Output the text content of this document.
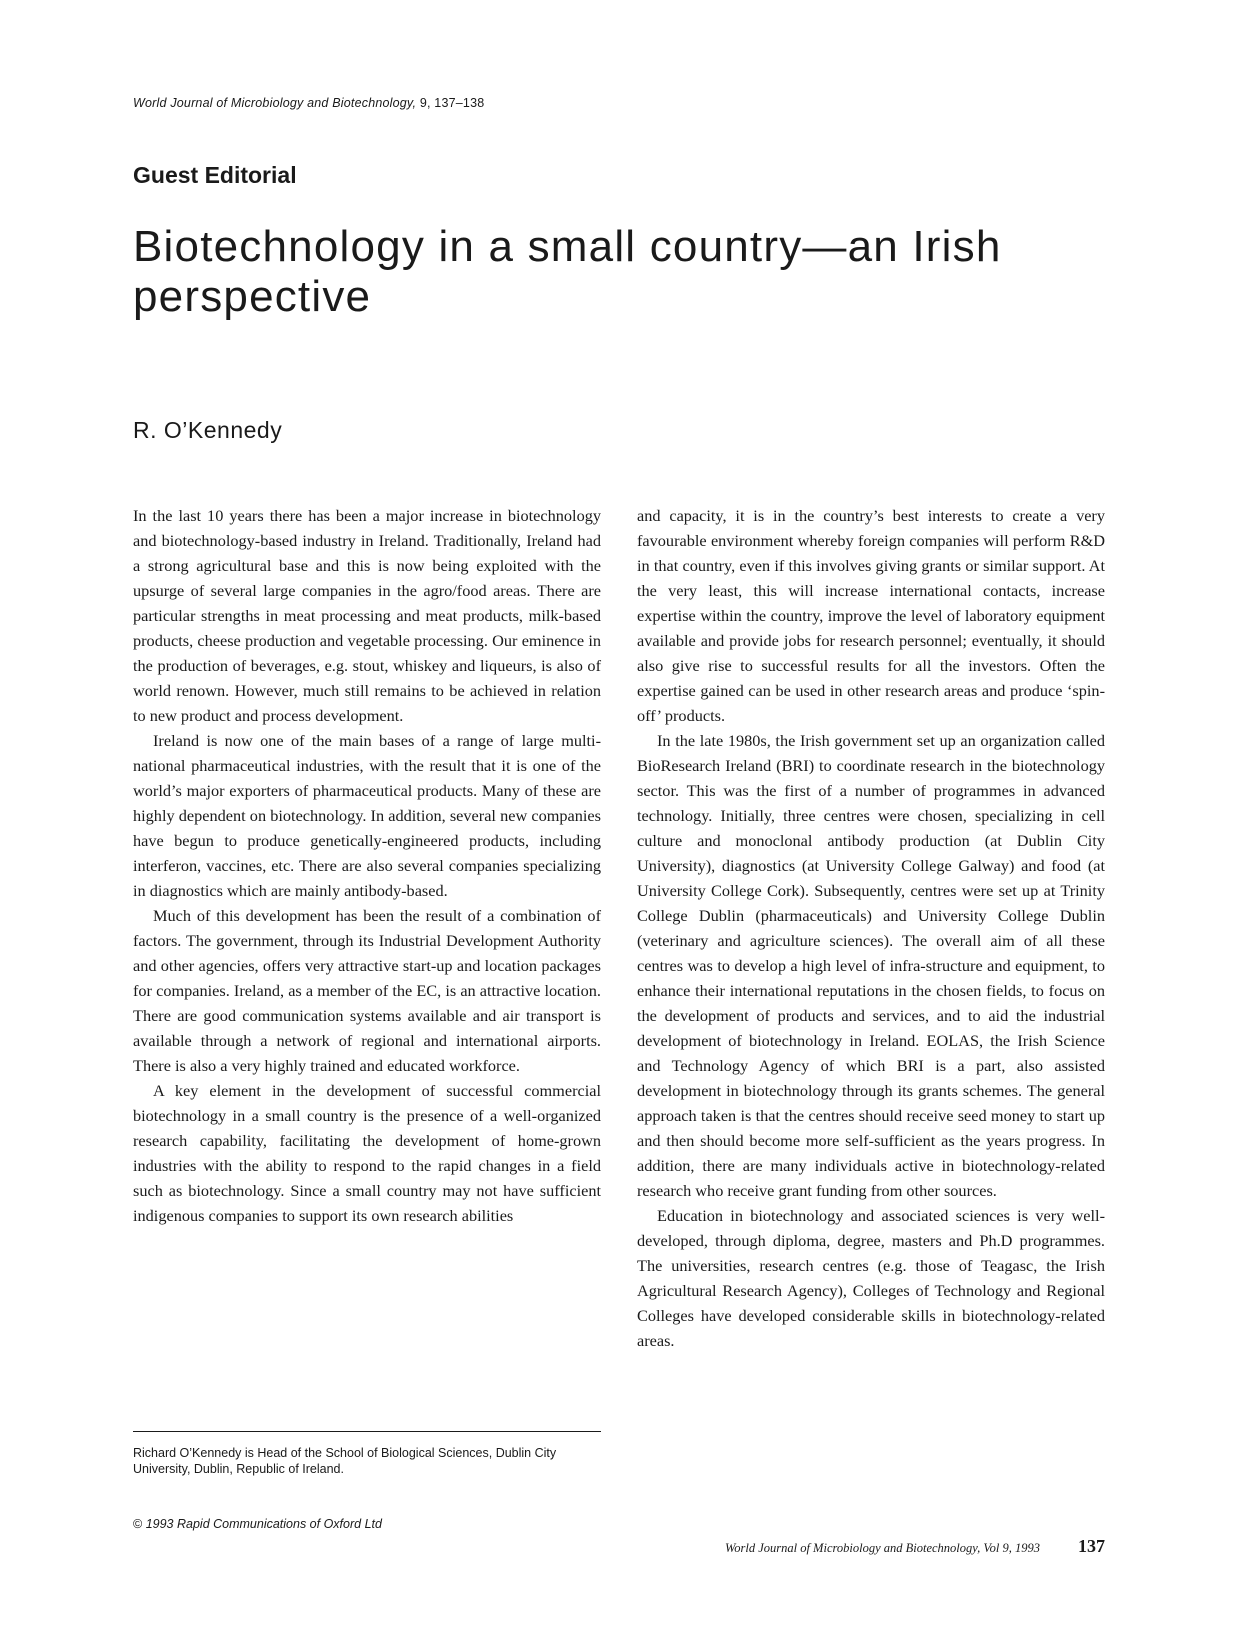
World Journal of Microbiology and Biotechnology, 9, 137–138
Guest Editorial
Biotechnology in a small country—an Irish perspective
R. O’Kennedy

In the last 10 years there has been a major increase in biotechnology and biotechnology-based industry in Ireland. Traditionally, Ireland had a strong agricultural base and this is now being exploited with the upsurge of several large companies in the agro/food areas. There are particular strengths in meat processing and meat products, milk-based products, cheese production and vegetable processing. Our eminence in the production of beverages, e.g. stout, whiskey and liqueurs, is also of world renown. However, much still remains to be achieved in relation to new product and process development.

Ireland is now one of the main bases of a range of large multi-national pharmaceutical industries, with the result that it is one of the world’s major exporters of pharmaceutical products. Many of these are highly dependent on biotechnology. In addition, several new companies have begun to produce genetically-engineered products, including interferon, vaccines, etc. There are also several companies specializing in diagnostics which are mainly antibody-based.

Much of this development has been the result of a combination of factors. The government, through its Industrial Development Authority and other agencies, offers very attractive start-up and location packages for companies. Ireland, as a member of the EC, is an attractive location. There are good communication systems available and air transport is available through a network of regional and international airports. There is also a very highly trained and educated workforce.

A key element in the development of successful commercial biotechnology in a small country is the presence of a well-organized research capability, facilitating the development of home-grown industries with the ability to respond to the rapid changes in a field such as biotechnology. Since a small country may not have sufficient indigenous companies to support its own research abilities

and capacity, it is in the country’s best interests to create a very favourable environment whereby foreign companies will perform R&D in that country, even if this involves giving grants or similar support. At the very least, this will increase international contacts, increase expertise within the country, improve the level of laboratory equipment available and provide jobs for research personnel; eventually, it should also give rise to successful results for all the investors. Often the expertise gained can be used in other research areas and produce ‘spin-off’ products.

In the late 1980s, the Irish government set up an organization called BioResearch Ireland (BRI) to coordinate research in the biotechnology sector. This was the first of a number of programmes in advanced technology. Initially, three centres were chosen, specializing in cell culture and monoclonal antibody production (at Dublin City University), diagnostics (at University College Galway) and food (at University College Cork). Subsequently, centres were set up at Trinity College Dublin (pharmaceuticals) and University College Dublin (veterinary and agriculture sciences). The overall aim of all these centres was to develop a high level of infra-structure and equipment, to enhance their international reputations in the chosen fields, to focus on the development of products and services, and to aid the industrial development of biotechnology in Ireland. EOLAS, the Irish Science and Technology Agency of which BRI is a part, also assisted development in biotechnology through its grants schemes. The general approach taken is that the centres should receive seed money to start up and then should become more self-sufficient as the years progress. In addition, there are many individuals active in biotechnology-related research who receive grant funding from other sources.

Education in biotechnology and associated sciences is very well-developed, through diploma, degree, masters and Ph.D programmes. The universities, research centres (e.g. those of Teagasc, the Irish Agricultural Research Agency), Colleges of Technology and Regional Colleges have developed considerable skills in biotechnology-related areas.

Richard O’Kennedy is Head of the School of Biological Sciences, Dublin City University, Dublin, Republic of Ireland.
© 1993 Rapid Communications of Oxford Ltd
World Journal of Microbiology and Biotechnology, Vol 9, 1993 137
